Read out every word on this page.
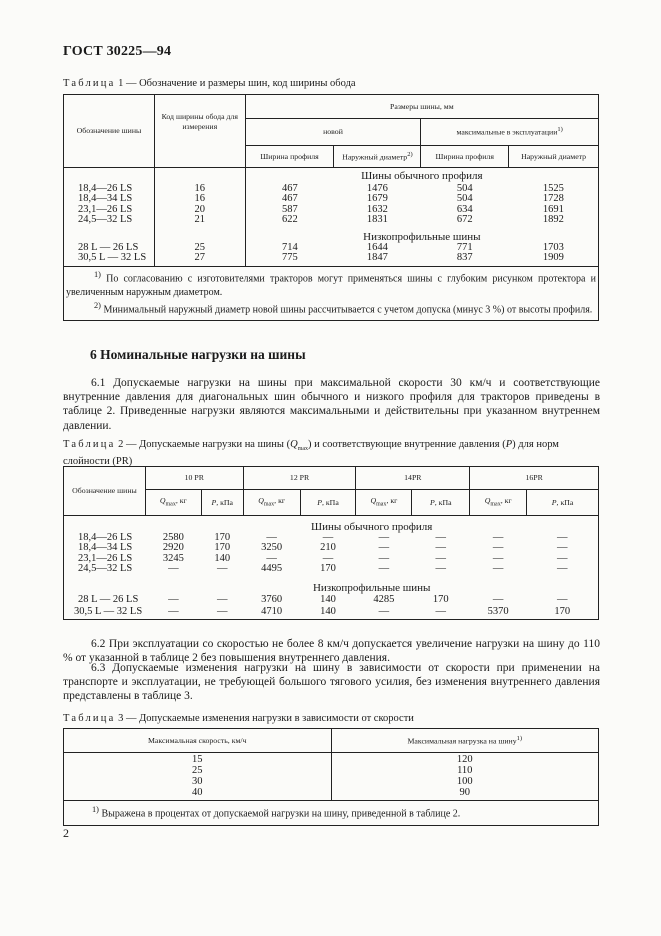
ГОСТ 30225—94
Таблица 1 — Обозначение и размеры шин, код ширины обода
Обозначение шины	Код ширины обода для измерения	Размеры шины, мм			
		новой		максимальные в эксплуатации$^{1)}$
		Ширина профиля	Наружный диаметр$^{2)}$	Ширина профиля	Наружный диаметр
		Шины обычного профиля			
18,4—26 LS	16	467	1476	504	1525
18,4—34 LS	16	467	1679	504	1728
23,1—26 LS	20	587	1632	634	1691
24,5—32 LS	21	622	1831	672	1892
		Низкопрофильные шины			
28 L — 26 LS	25	714	1644	771	1703
30,5 L — 32 LS	27	775	1847	837	1909

$^{1)}$ По согласованию с изготовителями тракторов могут применяться шины с глубоким рисунком протектора и увеличенным наружным диаметром.
$^{2)}$ Минимальный наружный диаметр новой шины рассчитывается с учетом допуска (минус 3 %) от высоты профиля.					
6 Номинальные нагрузки на шины
6.1 Допускаемые нагрузки на шины при максимальной скорости 30 км/ч и соответствующие внутренние давления для диагональных шин обычного и низкого профиля для тракторов приведены в таблице 2. Приведенные нагрузки являются максимальными и действительны при указанном внутреннем давлении.
Таблица 2 — Допускаемые нагрузки на шины $(Q_{max})$ и соответствующие внутренние давления (P) для норм слойности (PR)
Обозначение шины	10 PR		12 PR		14PR		16PR	
	$Q_{max}$, кг	P, кПа	$Q_{max}$, кг	P, кПа	$Q_{max}$, кг	P, кПа	$Q_{max}$, кг	P, кПа
	Шины обычного профиля							
18,4—26 LS	2580	170	—	—	—	—	—	—
18,4—34 LS	2920	170	3250	210	—	—	—	—
23,1—26 LS	3245	140	—	—	—	—	—	—
24,5—32 LS	—	—	4495	170	—	—	—	—
	Низкопрофильные шины							
28 L — 26 LS	—	—	3760	140	4285	170	—	—
30,5 L — 32 LS	—	—	4710	140	—	—	5370	170
6.2 При эксплуатации со скоростью не более 8 км/ч допускается увеличение нагрузки на шину до 110 % от указанной в таблице 2 без повышения внутреннего давления.
6.3 Допускаемые изменения нагрузки на шину в зависимости от скорости при применении на транспорте и эксплуатации, не требующей большого тягового усилия, без изменения внутреннего давления представлены в таблице 3.
Таблица 3 — Допускаемые изменения нагрузки в зависимости от скорости
Максимальная скорость, км/ч	Максимальная нагрузка на шину$^{1)}$
15	120
25	110
30	100
40	90
$^{1)}$ Выражена в процентах от допускаемой нагрузки на шину, приведенной в таблице 2.	
2
